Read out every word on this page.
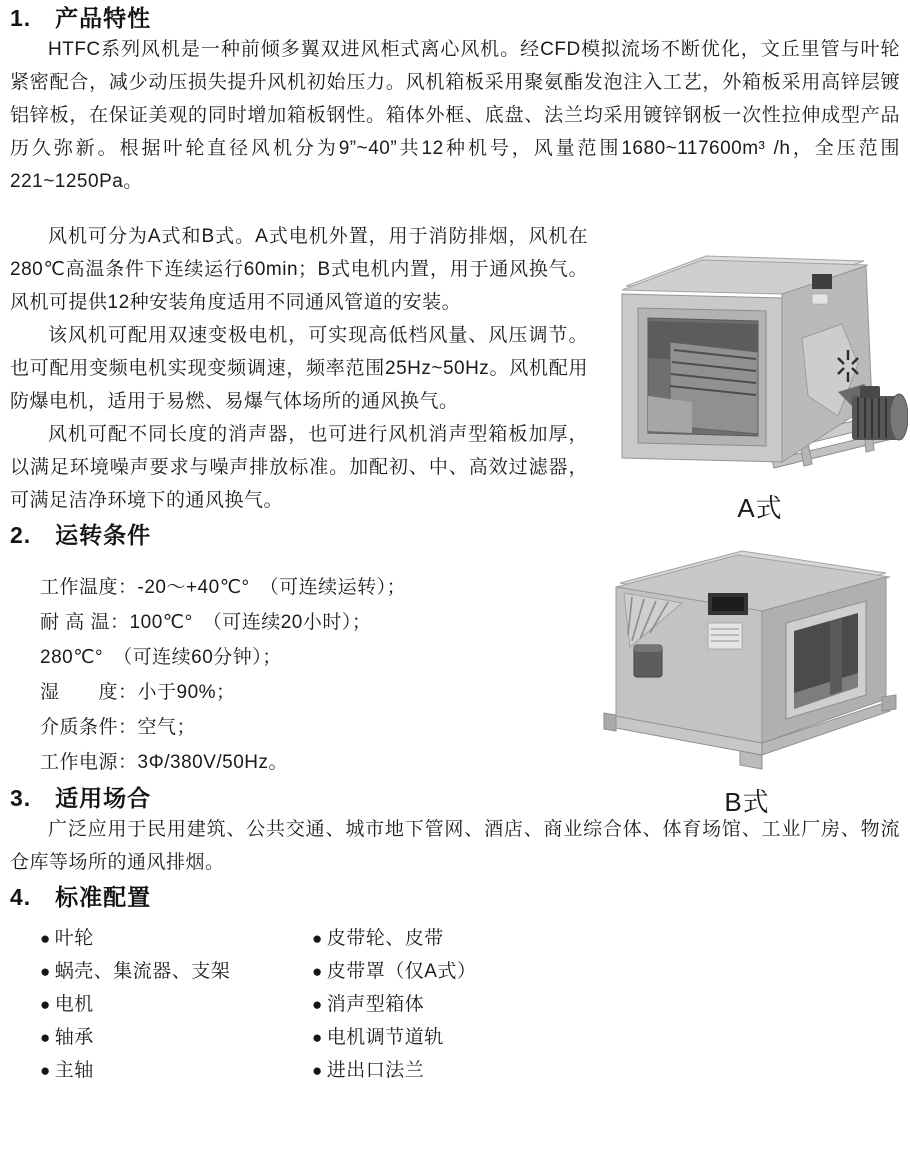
1.　产品特性

HTFC系列风机是一种前倾多翼双进风柜式离心风机。经CFD模拟流场不断优化，文丘里管与叶轮紧密配合，减少动压损失提升风机初始压力。风机箱板采用聚氨酯发泡注入工艺，外箱板采用高锌层镀铝锌板，在保证美观的同时增加箱板钢性。箱体外框、底盘、法兰均采用镀锌钢板一次性拉伸成型产品历久弥新。根据叶轮直径风机分为9”~40”共12种机号，风量范围1680~117600m³ /h，全压范围221~1250Pa。

风机可分为A式和B式。A式电机外置，用于消防排烟，风机在280℃高温条件下连续运行60min；B式电机内置，用于通风换气。风机可提供12种安装角度适用不同通风管道的安装。

该风机可配用双速变极电机，可实现高低档风量、风压调节。也可配用变频电机实现变频调速，频率范围25Hz~50Hz。风机配用防爆电机，适用于易燃、易爆气体场所的通风换气。

风机可配不同长度的消声器，也可进行风机消声型箱板加厚，以满足环境噪声要求与噪声排放标准。加配初、中、高效过滤器，可满足洁净环境下的通风换气。

2.　运转条件
工作温度：-20～+40℃°　（可连续运转）；
耐 高 温：100℃°　（可连续20小时）；
280℃°　（可连续60分钟）；
湿　　度：小于90%；
介质条件：空气；
工作电源：3Φ/380V/50Hz。
3.　适用场合

广泛应用于民用建筑、公共交通、城市地下管网、酒店、商业综合体、体育场馆、工业厂房、物流仓库等场所的通风排烟。

4.　标准配置
● 叶轮	● 皮带轮、皮带
● 蜗壳、集流器、支架	● 皮带罩（仅A式）
● 电机	● 消声型箱体
● 轴承	● 电机调节道轨
● 主轴	● 进出口法兰
A式
B式
